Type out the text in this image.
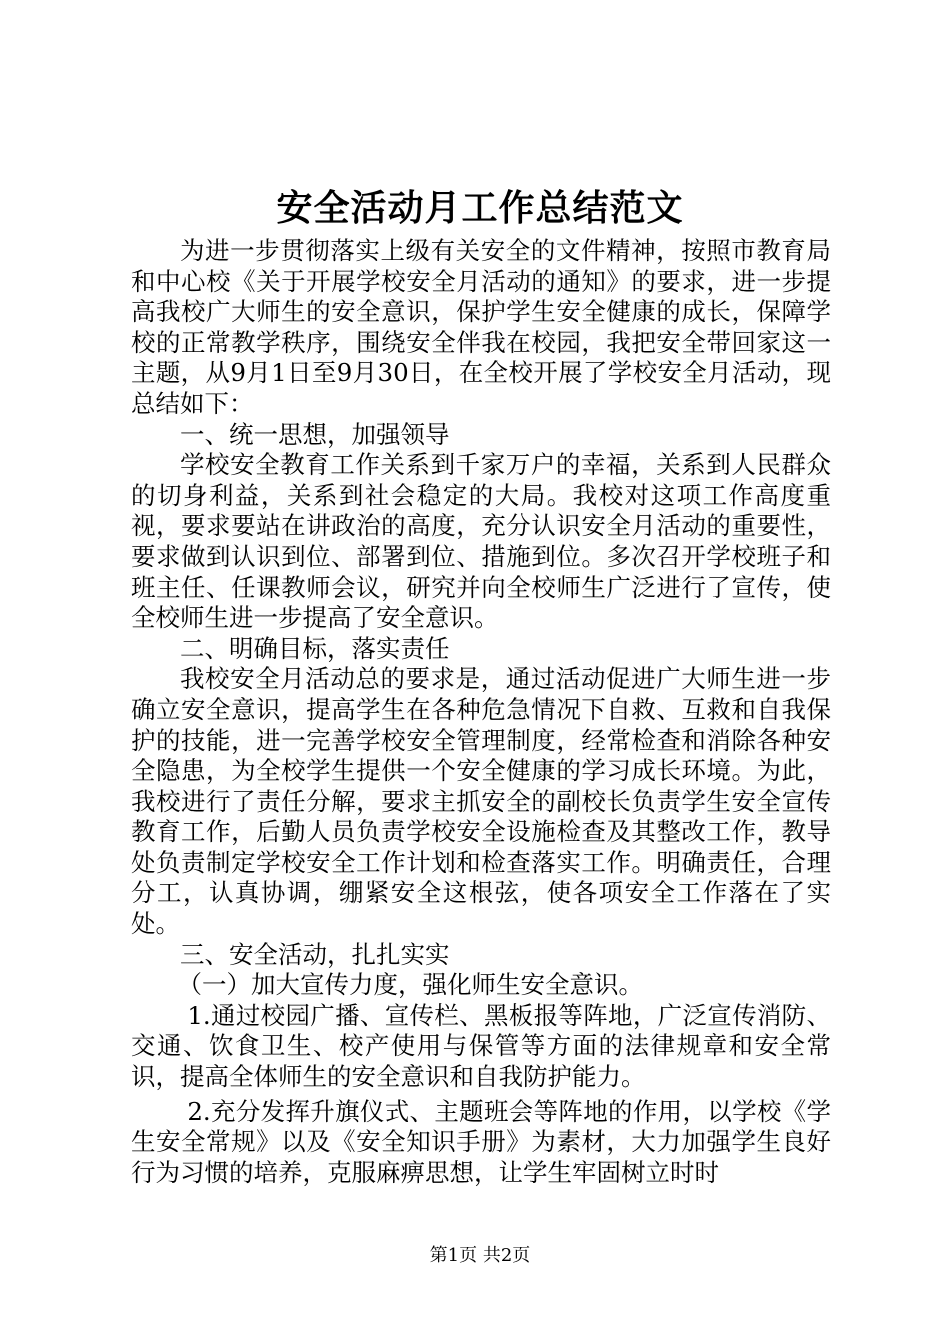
安全活动月工作总结范文

为进一步贯彻落实上级有关安全的文件精神，按照市教育局和中心校《关于开展学校安全月活动的通知》的要求，进一步提高我校广大师生的安全意识，保护学生安全健康的成长，保障学校的正常教学秩序，围绕安全伴我在校园，我把安全带回家这一主题，从9月1日至9月30日，在全校开展了学校安全月活动，现总结如下：

一、统一思想，加强领导

学校安全教育工作关系到千家万户的幸福，关系到人民群众的切身利益，关系到社会稳定的大局。我校对这项工作高度重视，要求要站在讲政治的高度，充分认识安全月活动的重要性，要求做到认识到位、部署到位、措施到位。多次召开学校班子和班主任、任课教师会议，研究并向全校师生广泛进行了宣传，使全校师生进一步提高了安全意识。

二、明确目标，落实责任

我校安全月活动总的要求是，通过活动促进广大师生进一步确立安全意识，提高学生在各种危急情况下自救、互救和自我保护的技能，进一完善学校安全管理制度，经常检查和消除各种安全隐患，为全校学生提供一个安全健康的学习成长环境。为此，我校进行了责任分解，要求主抓安全的副校长负责学生安全宣传教育工作，后勤人员负责学校安全设施检查及其整改工作，教导处负责制定学校安全工作计划和检查落实工作。明确责任，合理分工，认真协调，绷紧安全这根弦，使各项安全工作落在了实处。

三、安全活动，扎扎实实

（一）加大宣传力度，强化师生安全意识。

1.通过校园广播、宣传栏、黑板报等阵地，广泛宣传消防、交通、饮食卫生、校产使用与保管等方面的法律规章和安全常识，提高全体师生的安全意识和自我防护能力。

2.充分发挥升旗仪式、主题班会等阵地的作用，以学校《学生安全常规》以及《安全知识手册》为素材，大力加强学生良好行为习惯的培养，克服麻痹思想，让学生牢固树立时时

第1页 共2页
